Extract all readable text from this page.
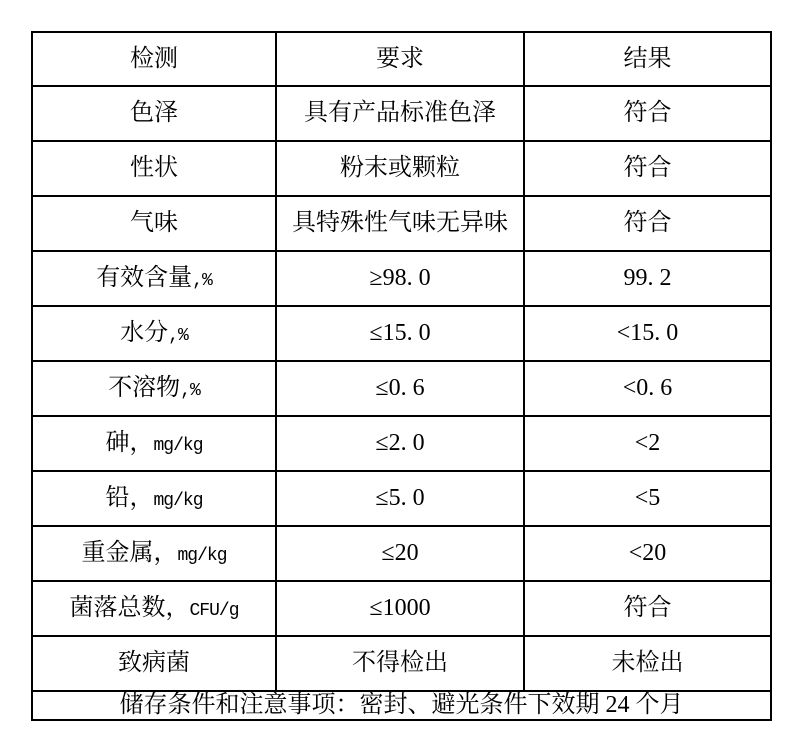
检测	要求	结果
色泽	具有产品标准色泽	符合
性状	粉末或颗粒	符合
气味	具特殊性气味无异味	符合
有效含量,%	≥98. 0	99. 2
水分,%	≤15. 0	<15. 0
不溶物,%	≤0. 6	<0. 6
砷，mg/kg	≤2. 0	<2
铅，mg/kg	≤5. 0	<5
重金属，mg/kg	≤20	<20
菌落总数，CFU/g	≤1000	符合
致病菌	不得检出	未检出
储存条件和注意事项：密封、避光条件下效期 24 个月		
